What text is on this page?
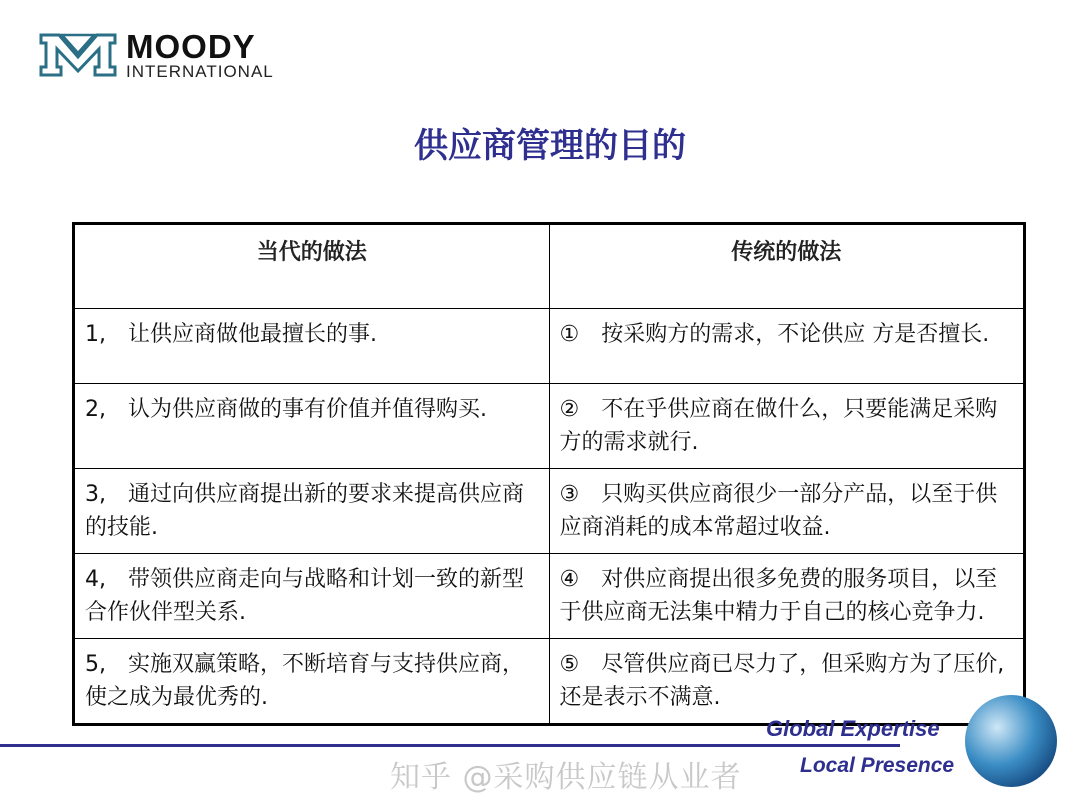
MOODY
INTERNATIONAL
供应商管理的目的
当代的做法	传统的做法
1,　让供应商做他最擅长的事.	①　按采购方的需求，不论供应 方是否擅长.
2,　认为供应商做的事有价值并值得购买.	②　不在乎供应商在做什么，只要能满足采购方的需求就行.
3,　通过向供应商提出新的要求来提高供应商的技能.	③　只购买供应商很少一部分产品，以至于供应商消耗的成本常超过收益.
4,　带领供应商走向与战略和计划一致的新型合作伙伴型关系.	④　对供应商提出很多免费的服务项目，以至于供应商无法集中精力于自己的核心竞争力.
5,　实施双赢策略，不断培育与支持供应商，使之成为最优秀的.	⑤　尽管供应商已尽力了，但采购方为了压价, 还是表示不满意.
Global Expertise
Local Presence
知乎 @采购供应链从业者
